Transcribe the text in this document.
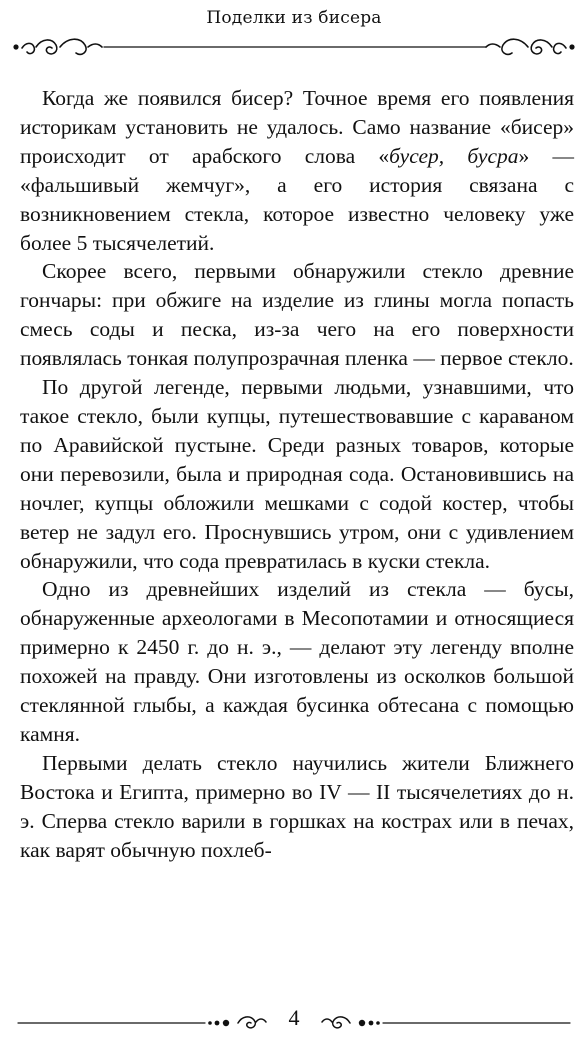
Поделки из бисера

Когда же появился бисер? Точное время его появления историкам установить не удалось. Само название «бисер» происходит от арабского слова «бусер, бусра» — «фальшивый жемчуг», а его история связана с возникновением стекла, которое известно человеку уже более 5 тысячелетий.

Скорее всего, первыми обнаружили стекло древние гончары: при обжиге на изделие из глины могла попасть смесь соды и песка, из-за чего на его поверхности появлялась тонкая полупрозрачная пленка — первое стекло.

По другой легенде, первыми людьми, узнавшими, что такое стекло, были купцы, путешествовавшие с караваном по Аравийской пустыне. Среди разных товаров, которые они перевозили, была и природная сода. Остановившись на ночлег, купцы обложили мешками с содой костер, чтобы ветер не задул его. Проснувшись утром, они с удивлением обнаружили, что сода превратилась в куски стекла.

Одно из древнейших изделий из стекла — бусы, обнаруженные археологами в Месопотамии и относящиеся примерно к 2450 г. до н. э., — делают эту легенду вполне похожей на правду. Они изготовлены из осколков большой стеклянной глыбы, а каждая бусинка обтесана с помощью камня.

Первыми делать стекло научились жители Ближнего Востока и Египта, примерно во IV — II тысячелетиях до н. э. Сперва стекло варили в горшках на кострах или в печах, как варят обычную похлеб-

4
